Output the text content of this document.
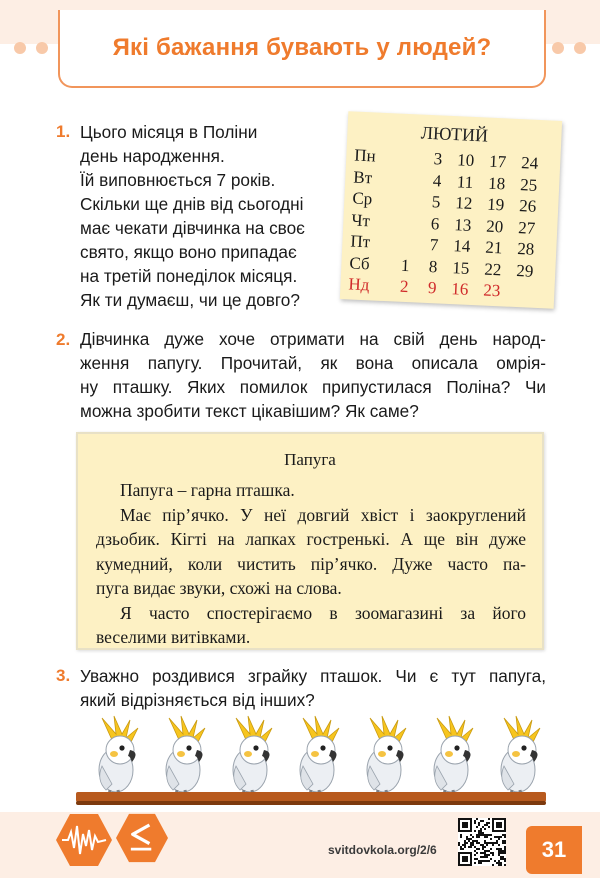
Які бажання бувають у людей?
1. Цього місяця в Поліни
день народження.
Їй виповнюється 7 років.
Скільки ще днів від сьогодні
має чекати дівчинка на своє
свято, якщо воно припадає
на третій понеділок місяця.
Як ти думаєш, чи це довго?
ЛЮТИЙ
Пн	3 10 17 24
Вт	4 11 18 25
Ср	5 12 19 26
Чт	6 13 20 27
Пт	7 14 21 28
Сб	1	8 15 22 29
Нд	2	9 16 23
2. Дівчинка дуже хоче отримати на свій день народ-
ження папугу. Прочитай, як вона описала омрія-
ну пташку. Яких помилок припустилася Поліна? Чи
можна зробити текст цікавішим? Як саме?
Папуга
Папуга – гарна пташка.
Має пір’ячко. У неї довгий хвіст і заокруглений
дзьобик. Кігті на лапках гостренькі. А ще він дуже
кумедний, коли чистить пір’ячко. Дуже часто па-
пуга видає звуки, схожі на слова.
Я часто спостерігаємо в зоомагазині за його
веселими витівками.
3. Уважно роздивися зграйку пташок. Чи є тут папуга,
який відрізняється від інших?
svitdovkola.org/2/6	31
